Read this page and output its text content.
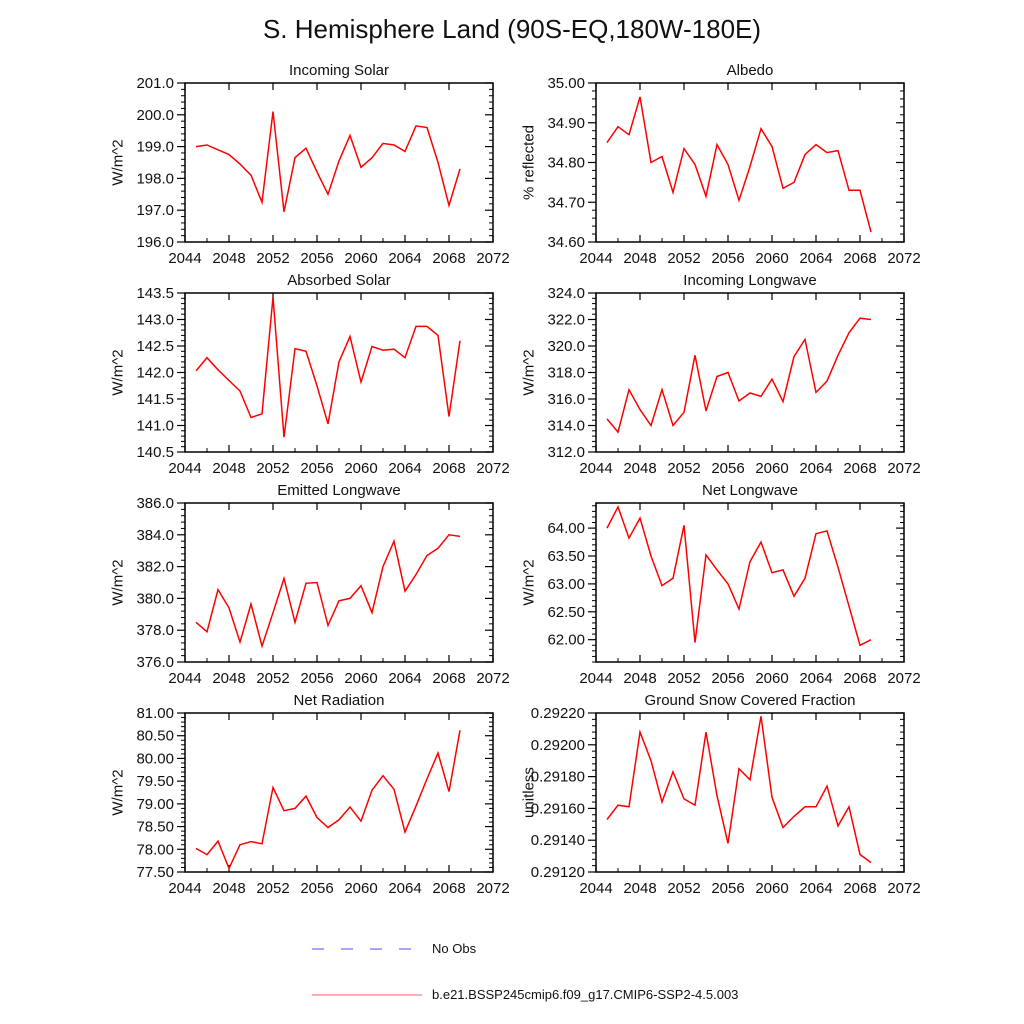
S. Hemisphere Land (90S-EQ,180W-180E)
Incoming Solar
W/m^2
2044 2048 2052 2056 2060 2064 2068 2072
196.0
197.0
198.0
199.0
200.0
201.0
Albedo
% reflected
2044 2048 2052 2056 2060 2064 2068 2072
34.60
34.70
34.80
34.90
35.00
Absorbed Solar
W/m^2
2044 2048 2052 2056 2060 2064 2068 2072
140.5
141.0
141.5
142.0
142.5
143.0
143.5
Incoming Longwave
W/m^2
2044 2048 2052 2056 2060 2064 2068 2072
312.0
314.0
316.0
318.0
320.0
322.0
324.0
Emitted Longwave
W/m^2
2044 2048 2052 2056 2060 2064 2068 2072
376.0
378.0
380.0
382.0
384.0
386.0
Net Longwave
W/m^2
2044 2048 2052 2056 2060 2064 2068 2072
62.00
62.50
63.00
63.50
64.00
Net Radiation
W/m^2
2044 2048 2052 2056 2060 2064 2068 2072
77.50
78.00
78.50
79.00
79.50
80.00
80.50
81.00
Ground Snow Covered Fraction
unitless
2044 2048 2052 2056 2060 2064 2068 2072
0.29120
0.29140
0.29160
0.29180
0.29200
0.29220
No Obs
b.e21.BSSP245cmip6.f09_g17.CMIP6-SSP2-4.5.003
